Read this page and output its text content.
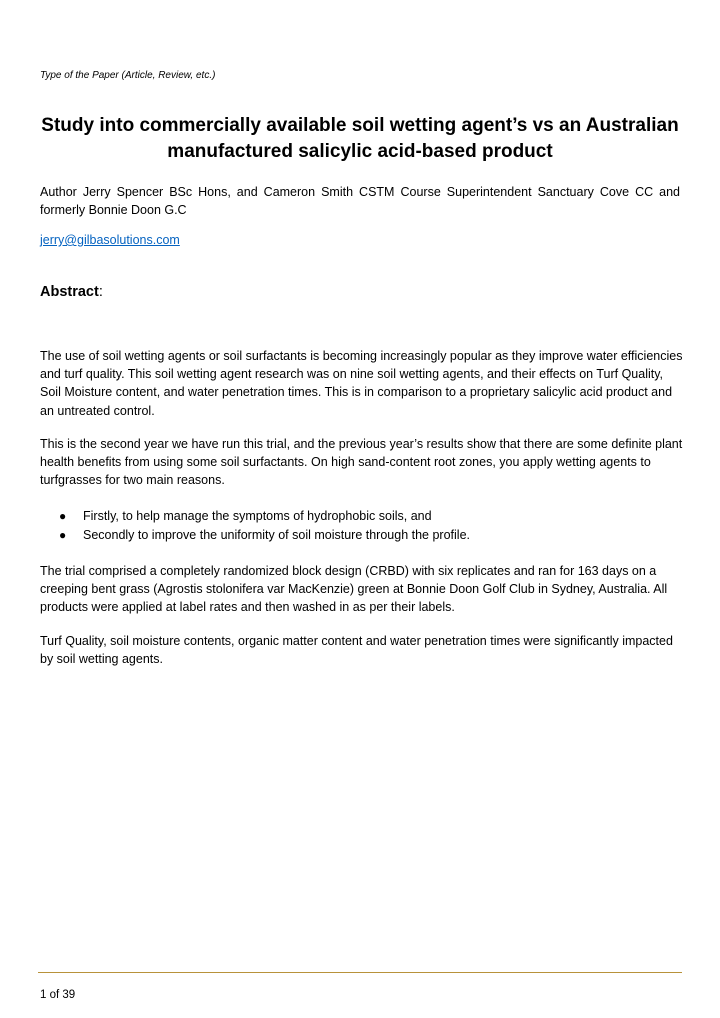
Type of the Paper (Article, Review, etc.)
Study into commercially available soil wetting agent’s vs an Australian
manufactured salicylic acid-based product
Author Jerry Spencer BSc Hons, and Cameron Smith CSTM Course Superintendent Sanctuary Cove CC and formerly Bonnie Doon G.C
jerry@gilbasolutions.com
Abstract:
The use of soil wetting agents or soil surfactants is becoming increasingly popular as they improve water efficiencies and turf quality. This soil wetting agent research was on nine soil wetting agents, and their effects on Turf Quality, Soil Moisture content, and water penetration times. This is in comparison to a proprietary salicylic acid product and an untreated control.
This is the second year we have run this trial, and the previous year’s results show that there are some definite plant health benefits from using some soil surfactants. On high sand-content root zones, you apply wetting agents to turfgrasses for two main reasons.
● Firstly, to help manage the symptoms of hydrophobic soils, and
● Secondly to improve the uniformity of soil moisture through the profile.
The trial comprised a completely randomized block design (CRBD) with six replicates and ran for 163 days on a creeping bent grass (Agrostis stolonifera var MacKenzie) green at Bonnie Doon Golf Club in Sydney, Australia. All products were applied at label rates and then washed in as per their labels.
Turf Quality, soil moisture contents, organic matter content and water penetration times were significantly impacted by soil wetting agents.
1 of 39
